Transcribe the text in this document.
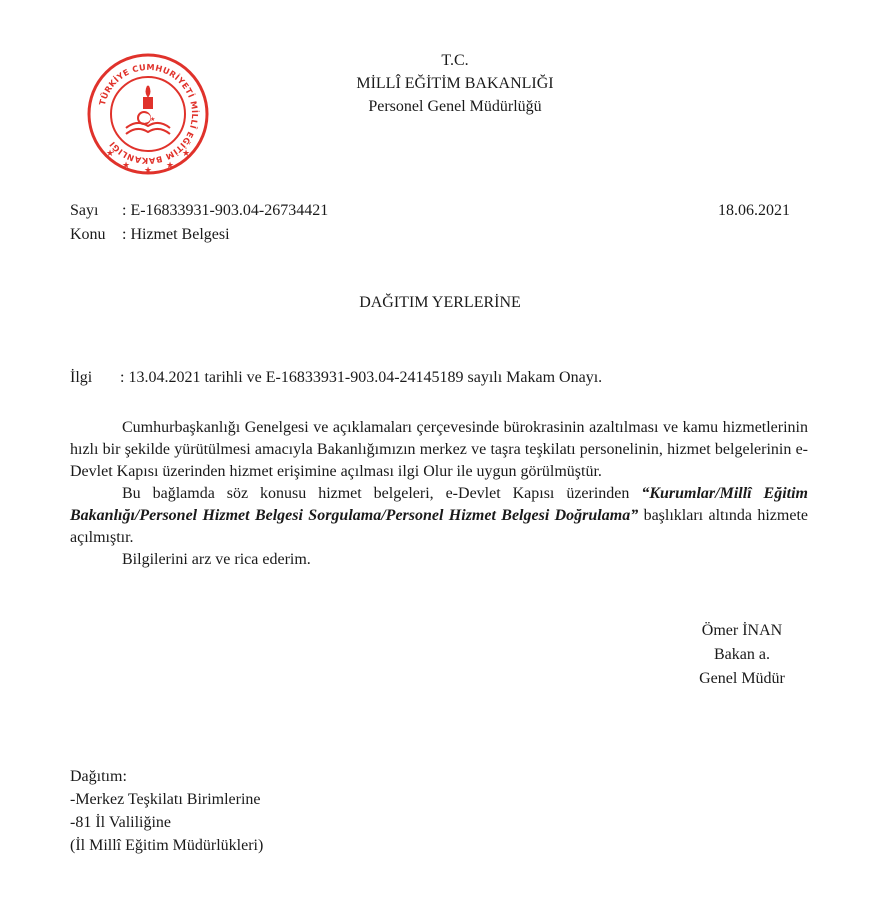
TÜRKİYE CUMHURİYETİ MİLLÎ EĞİTİM BAKANLIĞI
★
★ ★ ★
★
★
T.C.
MİLLÎ EĞİTİM BAKANLIĞI
Personel Genel Müdürlüğü
Sayı	: E-16833931-903.04-26734421
Konu	: Hizmet Belgesi
18.06.2021
DAĞITIM YERLERİNE
İlgi	: 13.04.2021 tarihli ve E-16833931-903.04-24145189 sayılı Makam Onayı.

Cumhurbaşkanlığı Genelgesi ve açıklamaları çerçevesinde bürokrasinin azaltılması ve kamu hizmetlerinin hızlı bir şekilde yürütülmesi amacıyla Bakanlığımızın merkez ve taşra teşkilatı personelinin, hizmet belgelerinin e-Devlet Kapısı üzerinden hizmet erişimine açılması ilgi Olur ile uygun görülmüştür.

Bu bağlamda söz konusu hizmet belgeleri, e-Devlet Kapısı üzerinden “Kurumlar/Millî Eğitim Bakanlığı/Personel Hizmet Belgesi Sorgulama/Personel Hizmet Belgesi Doğrulama” başlıkları altında hizmete açılmıştır.

Bilgilerini arz ve rica ederim.

Ömer İNAN
Bakan a.
Genel Müdür
Dağıtım:
-Merkez Teşkilatı Birimlerine
-81 İl Valiliğine
(İl Millî Eğitim Müdürlükleri)
